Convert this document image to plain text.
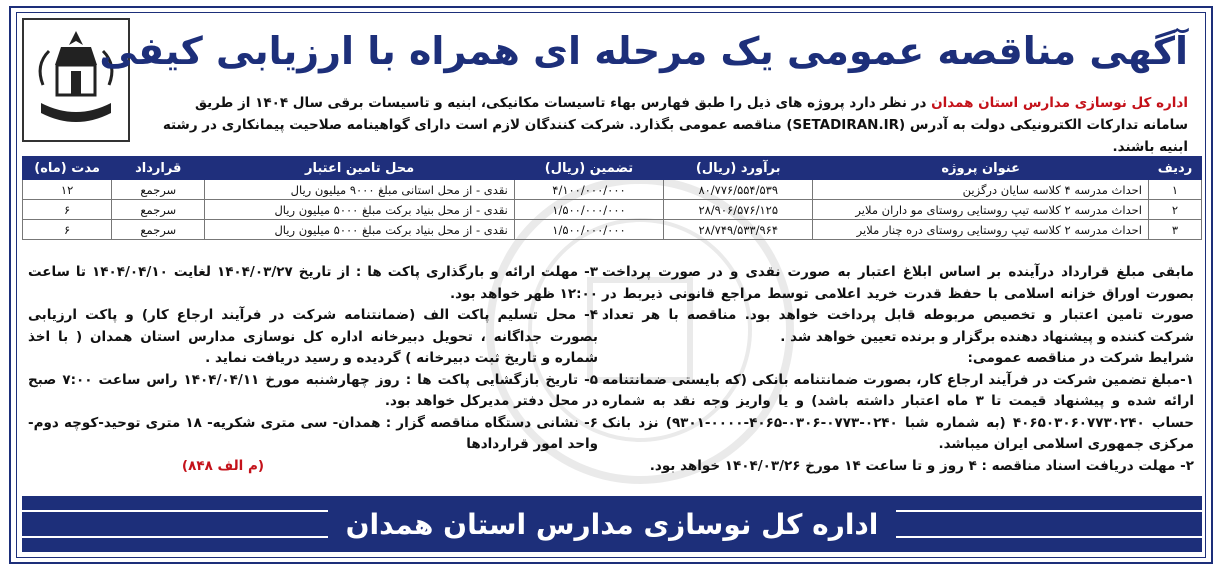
آگهی مناقصه عمومی یک مرحله ای همراه با ارزیابی کیفی
اداره کل نوسازی مدارس استان همدان در نظر دارد پروژه های ذیل را طبق فهارس بهاء تاسیسات مکانیکی، ابنیه و تاسیسات برقی سال ۱۴۰۴ از طریق سامانه تدارکات الکترونیکی دولت به آدرس (SETADIRAN.IR) مناقصه عمومی بگذارد. شرکت کنندگان لازم است دارای گواهینامه صلاحیت پیمانکاری در رشته ابنیه باشند.
ردیف	عنوان پروژه	برآورد (ریال)	تضمین (ریال)	محل تامین اعتبار	قرارداد	مدت (ماه)
۱	احداث مدرسه ۴ کلاسه سایان درگزین	۸۰/۷۷۶/۵۵۴/۵۳۹	۴/۱۰۰/۰۰۰/۰۰۰	نقدی - از محل استانی مبلغ ۹۰۰۰ میلیون ریال	سرجمع	۱۲
۲	احداث مدرسه ۲ کلاسه تیپ روستایی روستای مو داران ملایر	۲۸/۹۰۶/۵۷۶/۱۲۵	۱/۵۰۰/۰۰۰/۰۰۰	نقدی - از محل بنیاد برکت مبلغ ۵۰۰۰ میلیون ریال	سرجمع	۶
۳	احداث مدرسه ۲ کلاسه تیپ روستایی روستای دره چنار ملایر	۲۸/۷۴۹/۵۳۳/۹۶۴	۱/۵۰۰/۰۰۰/۰۰۰	نقدی - از محل بنیاد برکت مبلغ ۵۰۰۰ میلیون ریال	سرجمع	۶

مابقی مبلغ قرارداد درآینده بر اساس ابلاغ اعتبار به صورت نقدی و در صورت پرداخت بصورت اوراق خزانه اسلامی با حفظ قدرت خرید اعلامی توسط مراجع قانونی ذیربط در صورت تامین اعتبار و تخصیص مربوطه قابل پرداخت خواهد بود. مناقصه با هر تعداد شرکت کننده و پیشنهاد دهنده برگزار و برنده تعیین خواهد شد .

شرایط شرکت در مناقصه عمومی:

۱-مبلغ تضمین شرکت در فرآیند ارجاع کار، بصورت ضمانتنامه بانکی (که بایستی ضمانتنامه ارائه شده و پیشنهاد قیمت تا ۳ ماه اعتبار داشته باشد) و یا واریز وجه نقد به شماره حساب ۴۰۶۵۰۳۰۶۰۷۷۳۰۲۴۰ (به شماره شبا ۰۲۴۰-۰۷۷۳-۰۳۰۶-۴۰۶۵-۰۰۰۰-۹۳۰۱) نزد بانک مرکزی جمهوری اسلامی ایران میباشد.

۲- مهلت دریافت اسناد مناقصه : ۴ روز و تا ساعت ۱۴ مورخ ۱۴۰۴/۰۳/۲۶ خواهد بود.

۳- مهلت ارائه و بارگذاری پاکت ها : از تاریخ ۱۴۰۴/۰۳/۲۷ لغایت ۱۴۰۴/۰۴/۱۰ تا ساعت ۱۲:۰۰ ظهر خواهد بود.

۴- محل تسلیم پاکت الف (ضمانتنامه شرکت در فرآیند ارجاع کار) و پاکت ارزیابی بصورت جداگانه ، تحویل دبیرخانه اداره کل نوسازی مدارس استان همدان ( با اخذ شماره و تاریخ ثبت دبیرخانه ) گردیده و رسید دریافت نماید .

۵- تاریخ بازگشایی پاکت ها : روز چهارشنبه مورخ ۱۴۰۴/۰۴/۱۱ راس ساعت ۷:۰۰ صبح در محل دفتر مدیرکل خواهد بود.

۶- نشانی دستگاه مناقصه گزار : همدان- سی متری شکریه- ۱۸ متری توحید-کوچه دوم- واحد امور قراردادها

(م الف ۸۴۸)
اداره کل نوسازی مدارس استان همدان
